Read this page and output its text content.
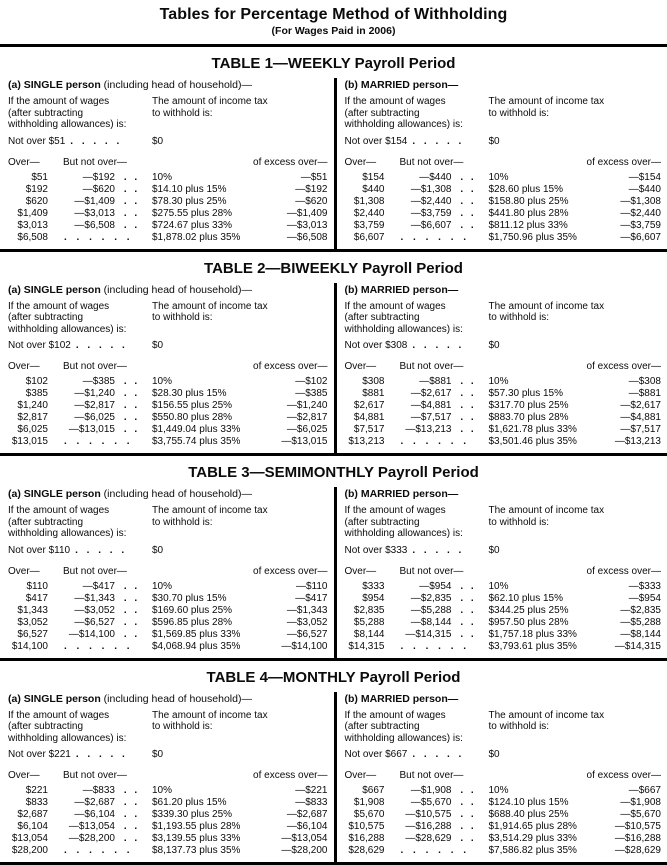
Tables for Percentage Method of Withholding
(For Wages Paid in 2006)
TABLE 1—WEEKLY Payroll Period
(a) SINGLE person (including head of household)—
If the amount of wages
(after subtracting
withholding allowances) is:
The amount of income tax
to withhold is:
Not over $51 . . . . .	$0
Over—	But not over—	of excess over—
$51	—$192 . .	10%	—$51
$192	—$620 . .	$14.10 plus 15%	—$192
$620	—$1,409 . .	$78.30 plus 25%	—$620
$1,409	—$3,013 . .	$275.55 plus 28%	—$1,409
$3,013	—$6,508 . .	$724.67 plus 33%	—$3,013
$6,508	. . . . . .	$1,878.02 plus 35%	—$6,508
(b) MARRIED person—
If the amount of wages
(after subtracting
withholding allowances) is:
The amount of income tax
to withhold is:
Not over $154 . . . . .	$0
Over—	But not over—	of excess over—
$154	—$440 . .	10%	—$154
$440	—$1,308 . .	$28.60 plus 15%	—$440
$1,308	—$2,440 . .	$158.80 plus 25%	—$1,308
$2,440	—$3,759 . .	$441.80 plus 28%	—$2,440
$3,759	—$6,607 . .	$811.12 plus 33%	—$3,759
$6,607	. . . . . .	$1,750.96 plus 35%	—$6,607
TABLE 2—BIWEEKLY Payroll Period
(a) SINGLE person (including head of household)—
If the amount of wages
(after subtracting
withholding allowances) is:
The amount of income tax
to withhold is:
Not over $102 . . . . .	$0
Over—	But not over—	of excess over—
$102	—$385 . .	10%	—$102
$385	—$1,240 . .	$28.30 plus 15%	—$385
$1,240	—$2,817 . .	$156.55 plus 25%	—$1,240
$2,817	—$6,025 . .	$550.80 plus 28%	—$2,817
$6,025	—$13,015 . .	$1,449.04 plus 33%	—$6,025
$13,015	. . . . . .	$3,755.74 plus 35%	—$13,015
(b) MARRIED person—
If the amount of wages
(after subtracting
withholding allowances) is:
The amount of income tax
to withhold is:
Not over $308 . . . . .	$0
Over—	But not over—	of excess over—
$308	—$881 . .	10%	—$308
$881	—$2,617 . .	$57.30 plus 15%	—$881
$2,617	—$4,881 . .	$317.70 plus 25%	—$2,617
$4,881	—$7,517 . .	$883.70 plus 28%	—$4,881
$7,517	—$13,213 . .	$1,621.78 plus 33%	—$7,517
$13,213	. . . . . .	$3,501.46 plus 35%	—$13,213
TABLE 3—SEMIMONTHLY Payroll Period
(a) SINGLE person (including head of household)—
If the amount of wages
(after subtracting
withholding allowances) is:
The amount of income tax
to withhold is:
Not over $110 . . . . .	$0
Over—	But not over—	of excess over—
$110	—$417 . .	10%	—$110
$417	—$1,343 . .	$30.70 plus 15%	—$417
$1,343	—$3,052 . .	$169.60 plus 25%	—$1,343
$3,052	—$6,527 . .	$596.85 plus 28%	—$3,052
$6,527	—$14,100 . .	$1,569.85 plus 33%	—$6,527
$14,100	. . . . . .	$4,068.94 plus 35%	—$14,100
(b) MARRIED person—
If the amount of wages
(after subtracting
withholding allowances) is:
The amount of income tax
to withhold is:
Not over $333 . . . . .	$0
Over—	But not over—	of excess over—
$333	—$954 . .	10%	—$333
$954	—$2,835 . .	$62.10 plus 15%	—$954
$2,835	—$5,288 . .	$344.25 plus 25%	—$2,835
$5,288	—$8,144 . .	$957.50 plus 28%	—$5,288
$8,144	—$14,315 . .	$1,757.18 plus 33%	—$8,144
$14,315	. . . . . .	$3,793.61 plus 35%	—$14,315
TABLE 4—MONTHLY Payroll Period
(a) SINGLE person (including head of household)—
If the amount of wages
(after subtracting
withholding allowances) is:
The amount of income tax
to withhold is:
Not over $221 . . . . .	$0
Over—	But not over—	of excess over—
$221	—$833 . .	10%	—$221
$833	—$2,687 . .	$61.20 plus 15%	—$833
$2,687	—$6,104 . .	$339.30 plus 25%	—$2,687
$6,104	—$13,054 . .	$1,193.55 plus 28%	—$6,104
$13,054	—$28,200 . .	$3,139.55 plus 33%	—$13,054
$28,200	. . . . . .	$8,137.73 plus 35%	—$28,200
(b) MARRIED person—
If the amount of wages
(after subtracting
withholding allowances) is:
The amount of income tax
to withhold is:
Not over $667 . . . . .	$0
Over—	But not over—	of excess over—
$667	—$1,908 . .	10%	—$667
$1,908	—$5,670 . .	$124.10 plus 15%	—$1,908
$5,670	—$10,575 . .	$688.40 plus 25%	—$5,670
$10,575	—$16,288 . .	$1,914.65 plus 28%	—$10,575
$16,288	—$28,629 . .	$3,514.29 plus 33%	—$16,288
$28,629	. . . . . .	$7,586.82 plus 35%	—$28,629
